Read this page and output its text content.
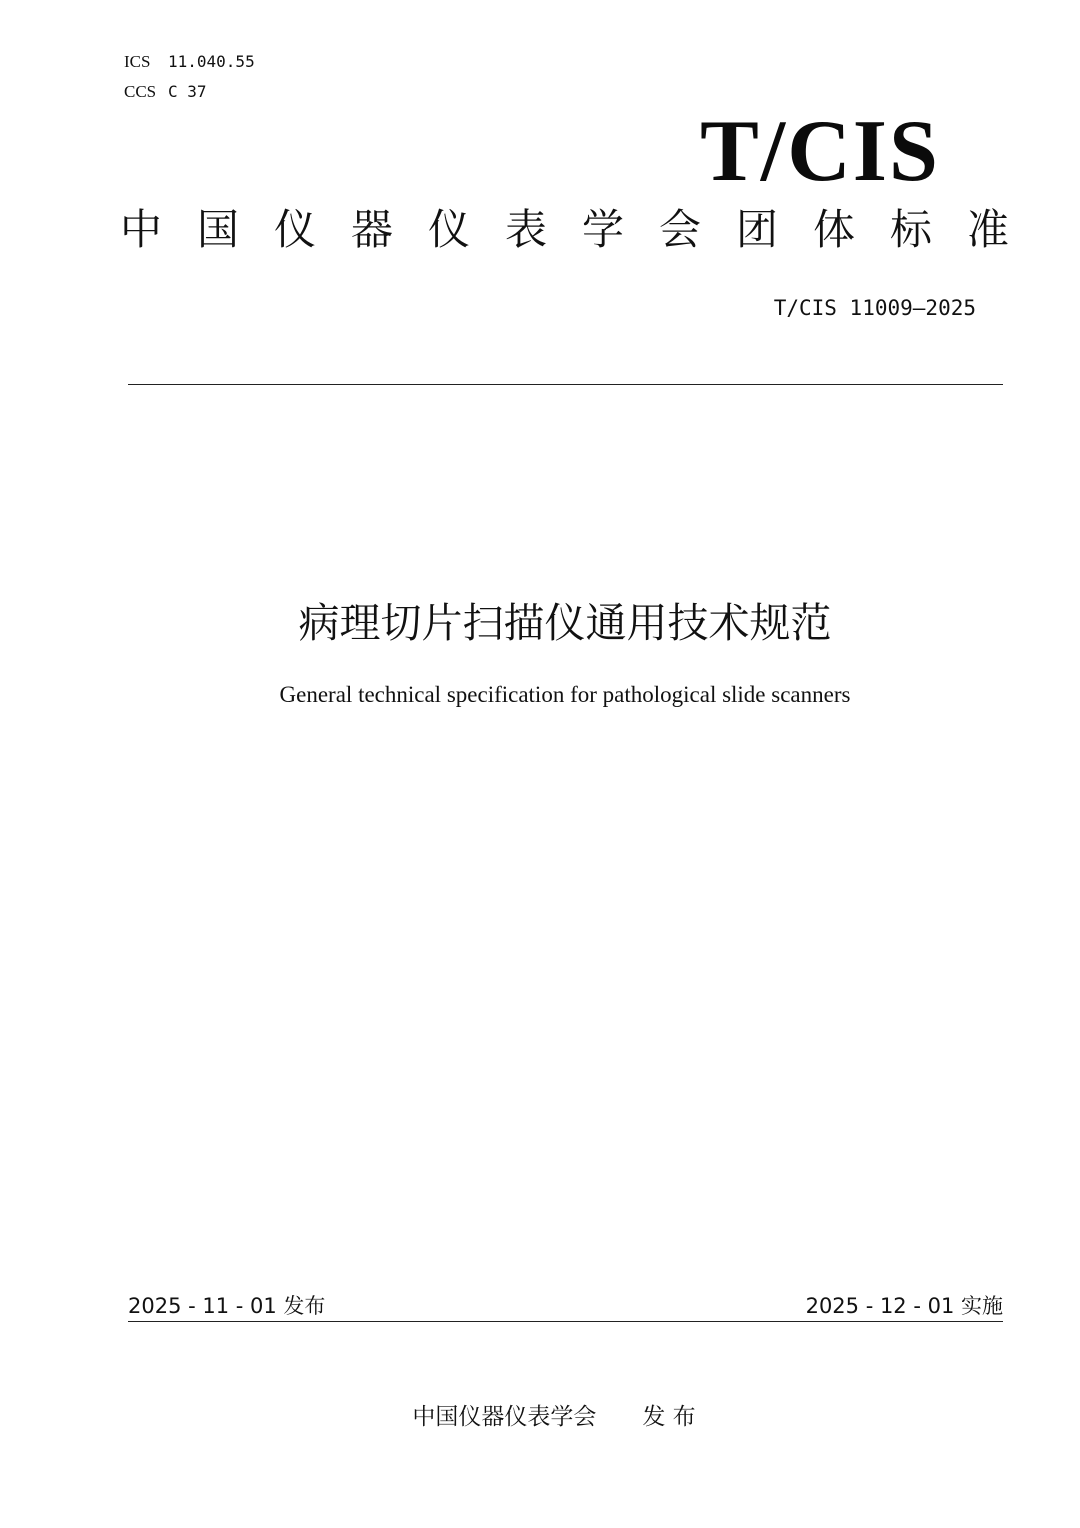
ICS 11.040.55
CCS C 37
T/CIS
中国仪器仪表学会团体标准
T/CIS 11009—2025
病理切片扫描仪通用技术规范
General technical specification for pathological slide scanners
2025 - 11 - 01 发布	2025 - 12 - 01 实施
中国仪器仪表学会　　发 布
